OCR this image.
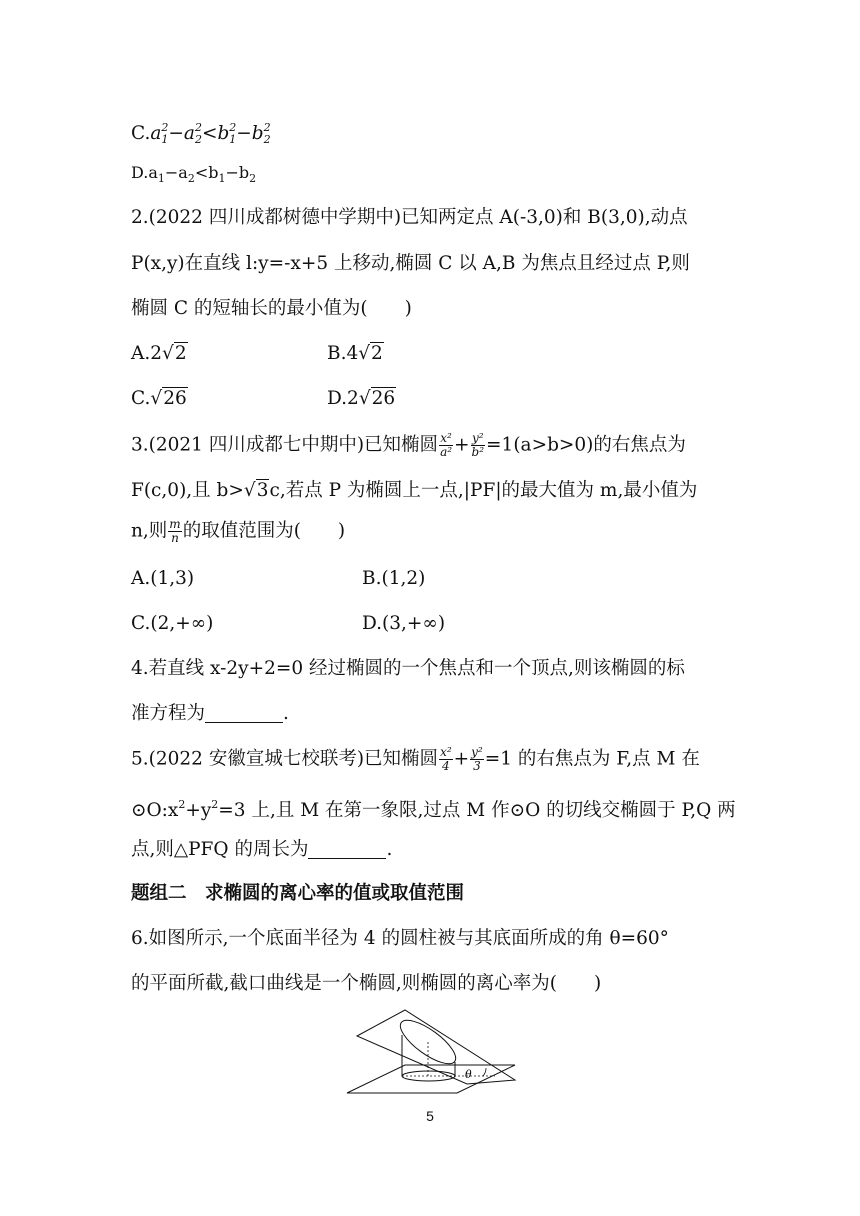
$C.a^2_1-a^2_2<b^2_1-b^2_2$
$D.a_1-a_2<b_1-b_2$
2.(2022 四川成都树德中学期中)已知两定点 A(-3,0)和 B(3,0),动点
P(x,y)在直线 l:y=-x+5 上移动,椭圆 C 以 A,B 为焦点且经过点 P,则
椭圆 C 的短轴长的最小值为(　　)
A.2√2	B.4√2
C.√26	D.2√26
3.(2021 四川成都七中期中)已知椭圆 $\frac{\text{x²}}{\text{a²}} + \frac{\text{y²}}{\text{b²}} =1(a>b>0)$的右焦点为
F(c,0),且 b>√3c,若点 P 为椭圆上一点,|PF|的最大值为 m,最小值为
n,则 $\frac{m}{n}$ 的取值范围为(　　)
A.(1,3)	B.(1,2)
C.(2,+∞)	D.(3,+∞)
4.若直线 x-2y+2=0 经过椭圆的一个焦点和一个顶点,则该椭圆的标
准方程为	.
5.(2022 安徽宣城七校联考)已知椭圆 $\frac{\text{x²}}{4} + \frac{\text{y²}}{3} =1$ 的右焦点为 F,点 M 在
$⊙O:x^2+y^2=3$ 上,且 M 在第一象限,过点 M 作⊙O 的切线交椭圆于 P,Q 两
点,则△PFQ 的周长为	.
题组二　求椭圆的离心率的值或取值范围
6.如图所示,一个底面半径为 4 的圆柱被与其底面所成的角 θ=60°
的平面所截,截口曲线是一个椭圆,则椭圆的离心率为(　　)
θ
5
